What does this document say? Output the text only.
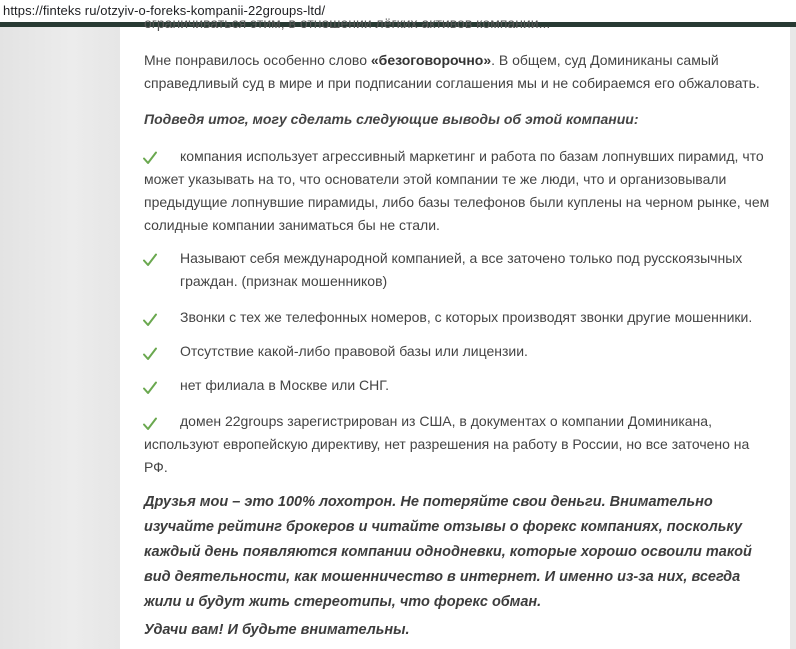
https://finteks ru/otzyiv-o-foreks-kompanii-22groups-ltd/

ограничиваться этим, в отношении лёгких активов компании...

Мне понравилось особенно слово «безоговорочно». В общем, суд Доминиканы самый справедливый суд в мире и при подписании соглашения мы и не собираемся его обжаловать.

Подведя итог, могу сделать следующие выводы об этой компании:

компания использует агрессивный маркетинг и работа по базам лопнувших пирамид, что может указывать на то, что основатели этой компании те же люди, что и организовывали предыдущие лопнувшие пирамиды, либо базы телефонов были куплены на черном рынке, чем солидные компании заниматься бы не стали.

Называют себя международной компанией, а все заточено только под русскоязычных граждан. (признак мошенников)

Звонки с тех же телефонных номеров, с которых производят звонки другие мошенники.

Отсутствие какой-либо правовой базы или лицензии.

нет филиала в Москве или СНГ.

домен 22groups зарегистрирован из США, в документах о компании Доминикана, используют европейскую директиву, нет разрешения на работу в России, но все заточено на РФ.

Друзья мои – это 100% лохотрон. Не потеряйте свои деньги. Внимательно изучайте рейтинг брокеров и читайте отзывы о форекс компаниях, поскольку каждый день появляются компании однодневки, которые хорошо освоили такой вид деятельности, как мошенничество в интернет. И именно из-за них, всегда жили и будут жить стереотипы, что форекс обман.

Удачи вам! И будьте внимательны.
